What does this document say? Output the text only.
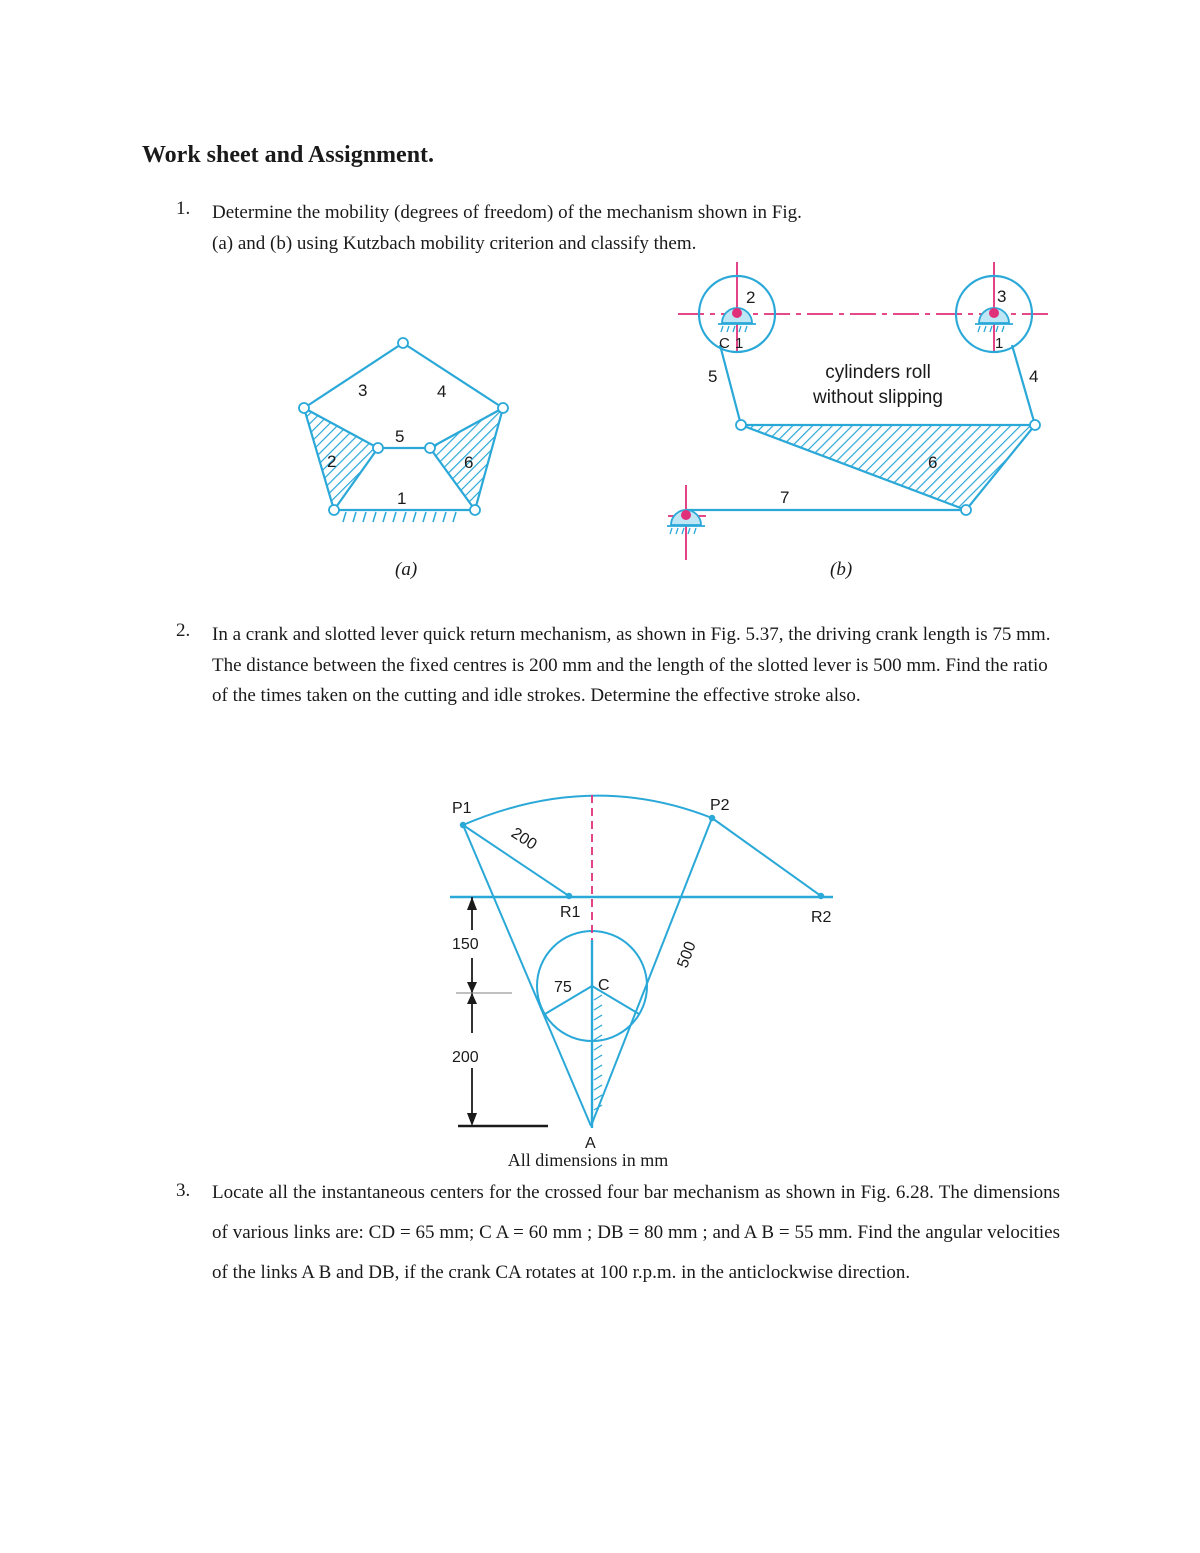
Work sheet and Assignment.
1. Determine the mobility (degrees of freedom) of the mechanism shown in Fig.
(a) and (b) using Kutzbach mobility criterion and classify them.
1
2
3	4
5
6
(a)
2	3
C 1	1
5	4
6
7
cylinders roll
without slipping
(b)
2. In a crank and slotted lever quick return mechanism, as shown in Fig. 5.37, the driving crank length is 75 mm. The distance between the fixed centres is 200 mm and the length of the slotted lever is 500 mm. Find the ratio of the times taken on the cutting and idle strokes. Determine the effective stroke also.
P1	P2
R1	R2
C
A
200
500
150
200
75
All dimensions in mm
3. Locate all the instantaneous centers for the crossed four bar mechanism as shown in Fig. 6.28. The dimensions of various links are: CD = 65 mm; C A = 60 mm ; DB = 80 mm ; and A B = 55 mm. Find the angular velocities of the links A B and DB, if the crank CA rotates at 100 r.p.m. in the anticlockwise direction.
